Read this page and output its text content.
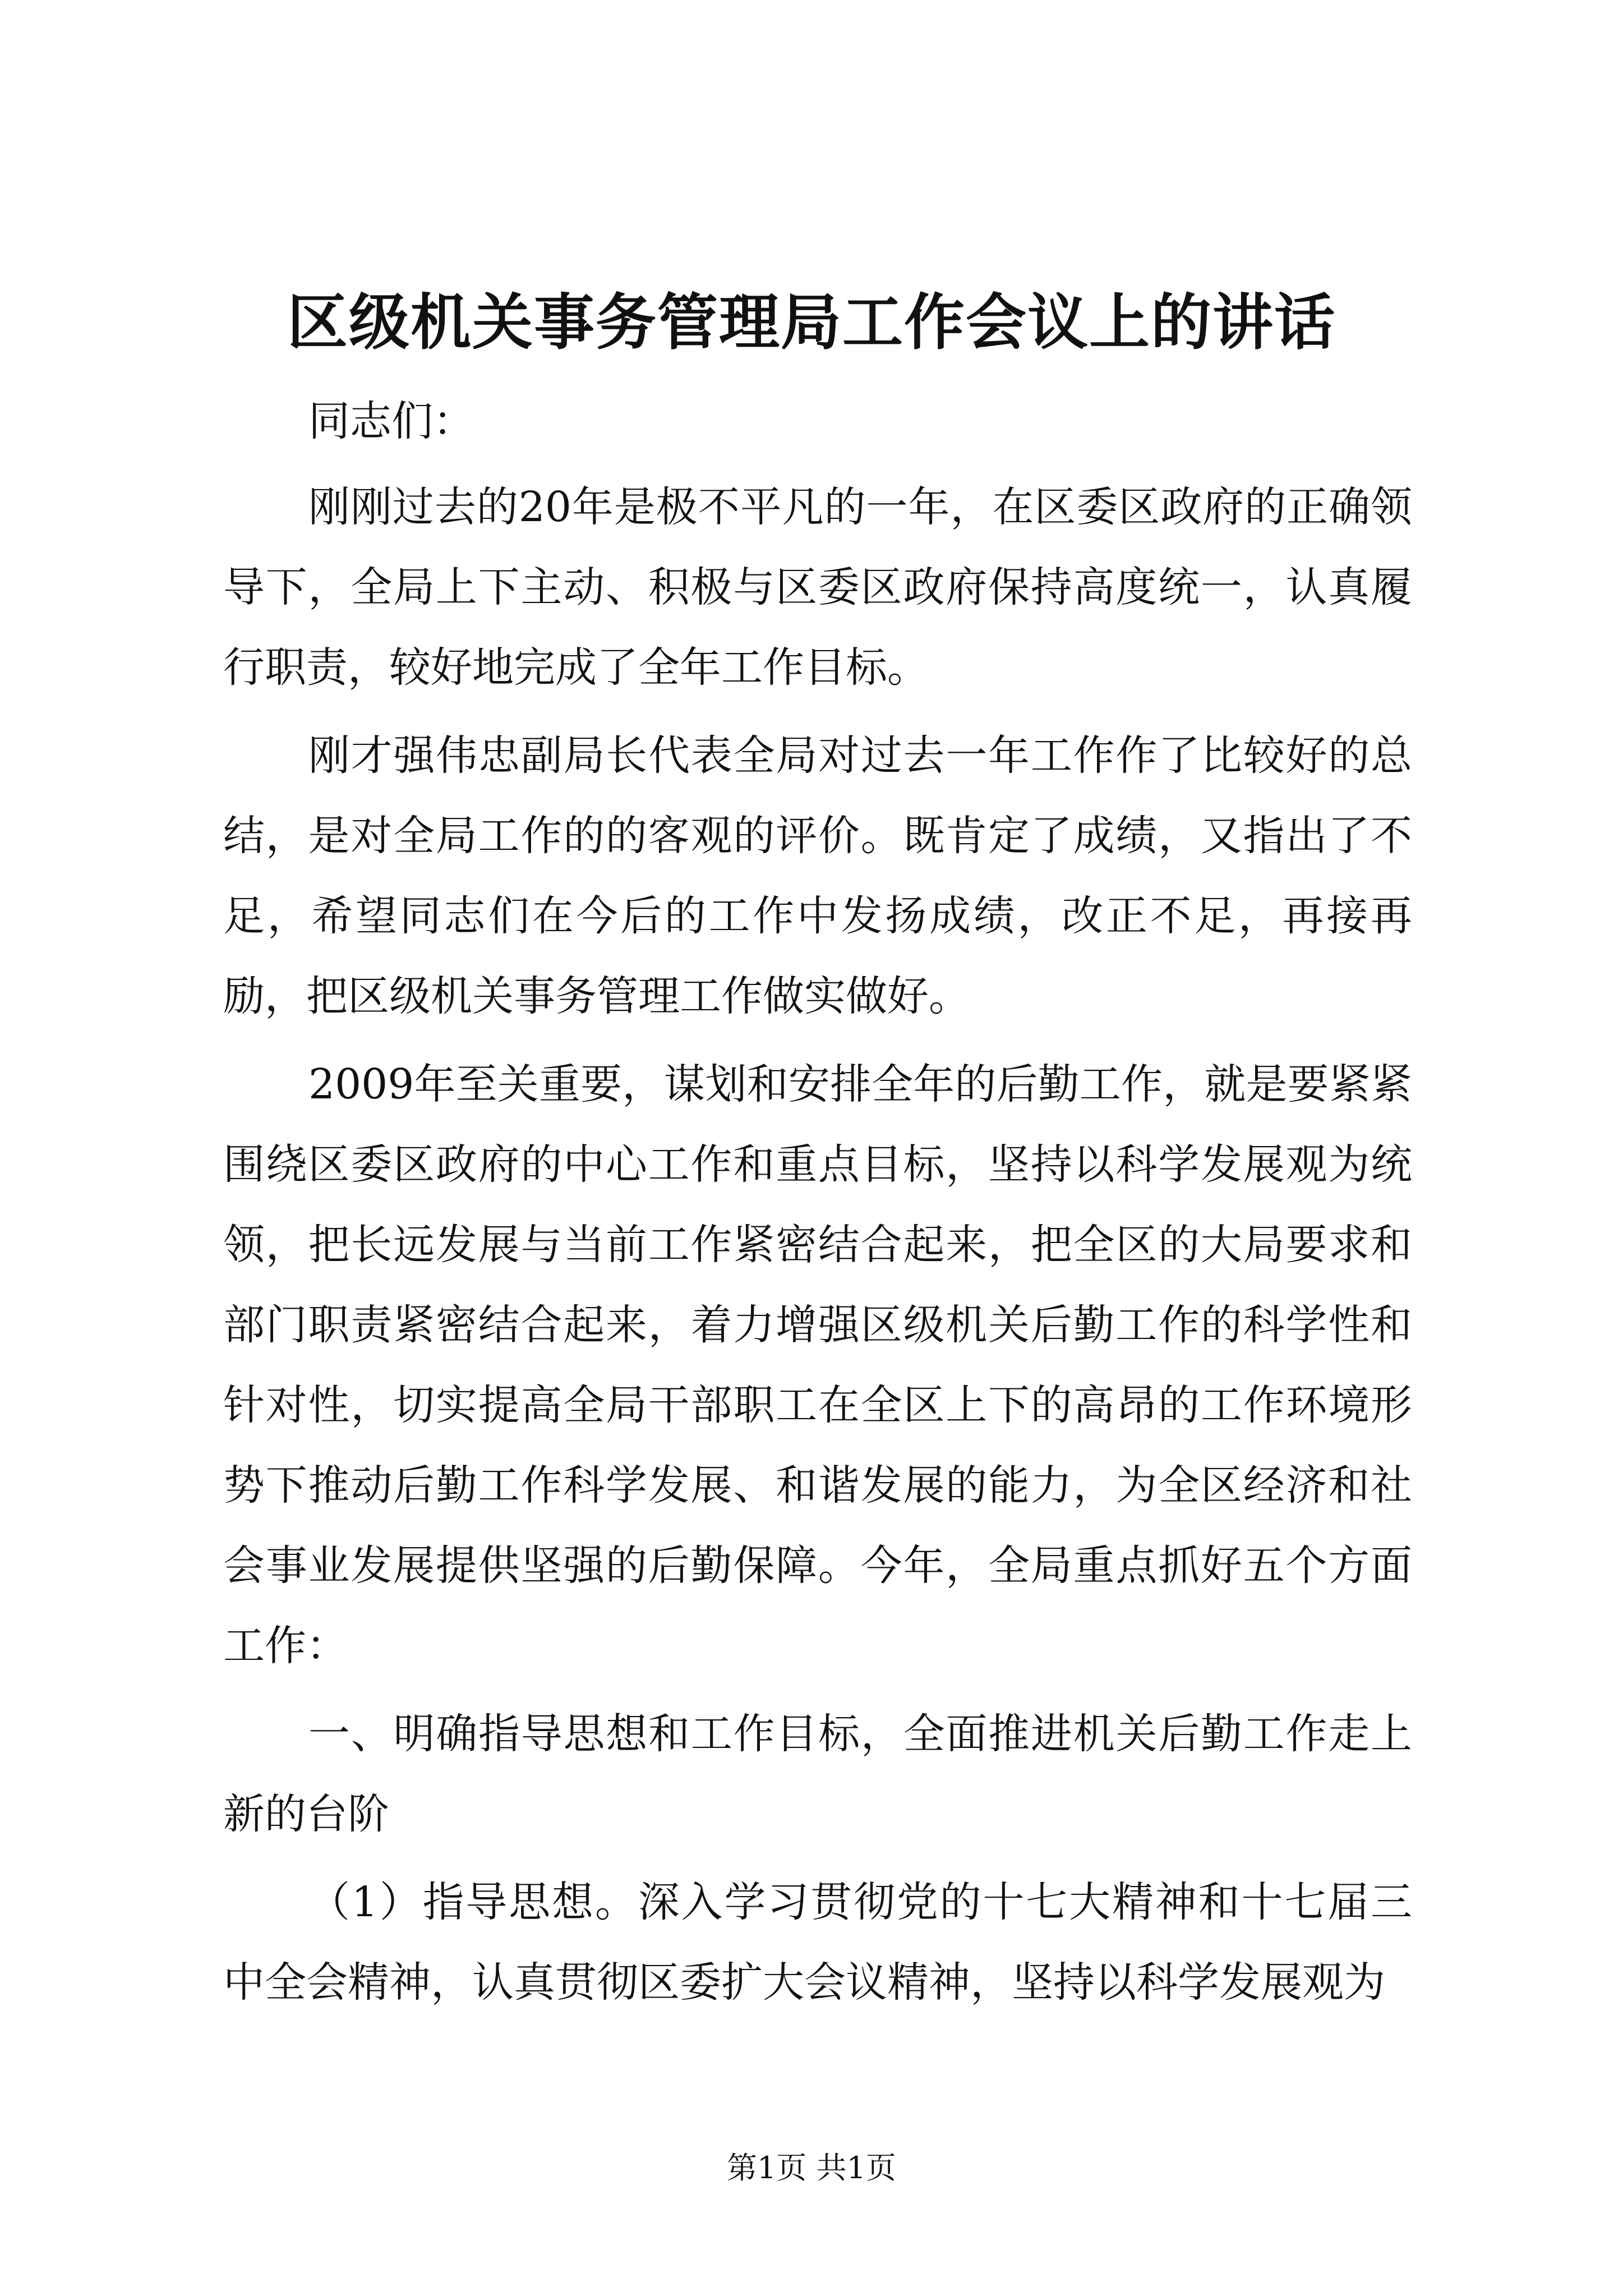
区级机关事务管理局工作会议上的讲话

同志们：

刚刚过去的20年是极不平凡的一年，在区委区政府的正确领导下，全局上下主动、积极与区委区政府保持高度统一，认真履行职责，较好地完成了全年工作目标。

刚才强伟忠副局长代表全局对过去一年工作作了比较好的总结，是对全局工作的的客观的评价。既肯定了成绩，又指出了不足，希望同志们在今后的工作中发扬成绩，改正不足，再接再励，把区级机关事务管理工作做实做好。

2009年至关重要，谋划和安排全年的后勤工作，就是要紧紧围绕区委区政府的中心工作和重点目标，坚持以科学发展观为统领，把长远发展与当前工作紧密结合起来，把全区的大局要求和部门职责紧密结合起来，着力增强区级机关后勤工作的科学性和针对性，切实提高全局干部职工在全区上下的高昂的工作环境形势下推动后勤工作科学发展、和谐发展的能力，为全区经济和社会事业发展提供坚强的后勤保障。今年，全局重点抓好五个方面工作：

一、明确指导思想和工作目标，全面推进机关后勤工作走上新的台阶

（1）指导思想。深入学习贯彻党的十七大精神和十七届三中全会精神，认真贯彻区委扩大会议精神，坚持以科学发展观为

第1页 共1页
